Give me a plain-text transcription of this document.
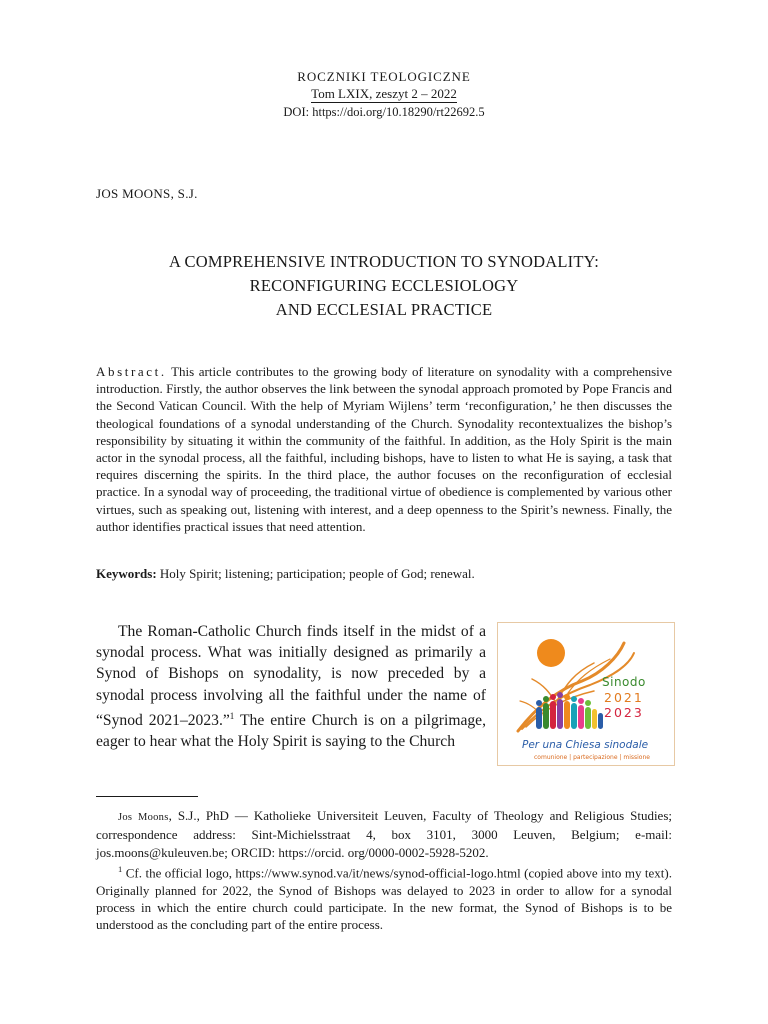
ROCZNIKI TEOLOGICZNE
Tom LXIX, zeszyt 2 – 2022
DOI: https://doi.org/10.18290/rt22692.5
JOS MOONS, S.J.
A COMPREHENSIVE INTRODUCTION TO SYNODALITY:
RECONFIGURING ECCLESIOLOGY
AND ECCLESIAL PRACTICE
Abstract. This article contributes to the growing body of literature on synodality with a comprehensive introduction. Firstly, the author observes the link between the synodal approach promoted by Pope Francis and the Second Vatican Council. With the help of Myriam Wijlens’ term ‘reconfiguration,’ he then discusses the theological foundations of a synodal understanding of the Church. Synodality recontextualizes the bishop’s responsibility by situating it within the community of the faithful. In addition, as the Holy Spirit is the main actor in the synodal process, all the faithful, including bishops, have to listen to what He is saying, a task that requires discerning the spirits. In the third place, the author focuses on the reconfiguration of ecclesial practice. In a synodal way of proceeding, the traditional virtue of obedience is complemented by various other virtues, such as speaking out, listening with interest, and a deep openness to the Spirit’s newness. Finally, the author identifies practical issues that need attention.
Keywords: Holy Spirit; listening; participation; people of God; renewal.
The Roman-Catholic Church finds itself in the midst of a synodal process. What was initially designed as primarily a Synod of Bishops on synodality, is now preceded by a synodal process involving all the faithful under the name of “Synod 2021–2023.”$^1$ The entire Church is on a pilgrimage, eager to hear what the Holy Spirit is saying to the Church
Sinodo
2021
2023
Per una Chiesa sinodale
comunione | partecipazione | missione

Jos Moons, S.J., PhD — Katholieke Universiteit Leuven, Faculty of Theology and Religious Studies; correspondence address: Sint-Michielsstraat 4, box 3101, 3000 Leuven, Belgium; e-mail: jos.moons@kuleuven.be; ORCID: https://orcid. org/0000-0002-5928-5202.

$^1$ Cf. the official logo, https://www.synod.va/it/news/synod-official-logo.html (copied above into my text). Originally planned for 2022, the Synod of Bishops was delayed to 2023 in order to allow for a synodal process in which the entire church could participate. In the new format, the Synod of Bishops is to be understood as the concluding part of the entire process.
